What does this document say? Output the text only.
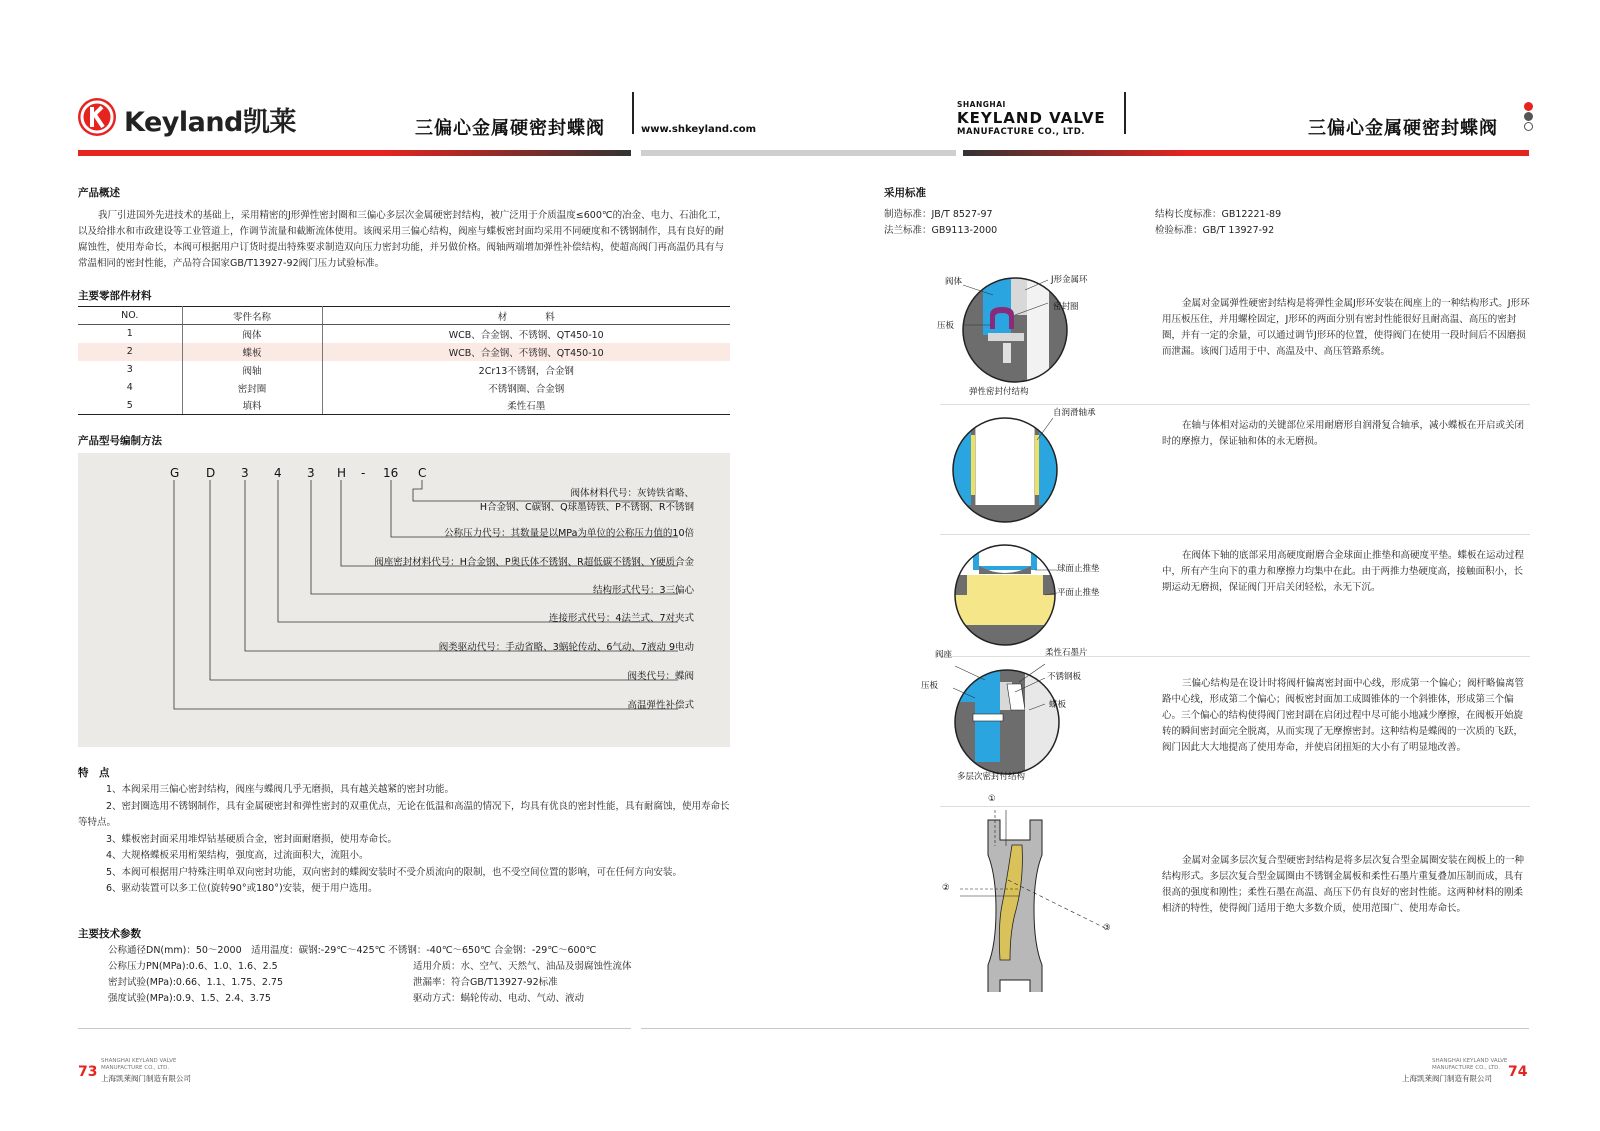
Keyland凯莱	三偏心金属硬密封蝶阀	www.shkeyland.com
SHANGHAI
KEYLAND VALVE
MANUFACTURE CO., LTD.	三偏心金属硬密封蝶阀
产品概述
我厂引进国外先进技术的基础上，采用精密的J形弹性密封圈和三偏心多层次金属硬密封结构，被广泛用于介质温度≤600℃的冶金、电力、石油化工，以及给排水和市政建设等工业管道上，作调节流量和截断流体使用。该阀采用三偏心结构，阀座与蝶板密封面均采用不同硬度和不锈钢制作，具有良好的耐腐蚀性，使用寿命长，本阀可根据用户订货时提出特殊要求制造双向压力密封功能，并另做价格。阀轴两端增加弹性补偿结构，使超高阀门再高温仍具有与常温相同的密封性能，产品符合国家GB/T13927-92阀门压力试验标准。
主要零部件材料
NO.	零件名称	材　　　　料
1	阀体	WCB、合金钢、不锈钢、QT450-10
2	蝶板	WCB、合金钢、不锈钢、QT450-10
3	阀轴	2Cr13不锈钢，合金钢
4	密封圈	不锈钢圈、合金钢
5	填料	柔性石墨
产品型号编制方法
G D 3 4 3 H - 16 C
阀体材料代号：灰铸铁省略、
H合金钢、C碳钢、Q球墨铸铁、P不锈钢、R不锈钢
公称压力代号：其数量是以MPa为单位的公称压力值的10倍
阀座密封材料代号：H合金钢、P奥氏体不锈钢、R超低碳不锈钢、Y硬质合金
结构形式代号：3三偏心
连接形式代号：4法兰式、7对夹式
阀类驱动代号：手动省略、3蜗轮传动、6气动、7液动 9电动
阀类代号：蝶阀
高温弹性补偿式
特　点
1、本阀采用三偏心密封结构，阀座与蝶阀几乎无磨损，具有越关越紧的密封功能。
2、密封圈选用不锈钢制作，具有金属硬密封和弹性密封的双重优点，无论在低温和高温的情况下，均具有优良的密封性能，具有耐腐蚀，使用寿命长等特点。
3、蝶板密封面采用堆焊钴基硬质合金，密封面耐磨损，使用寿命长。
4、大规格蝶板采用桁架结构，强度高，过流面积大，流阻小。
5、本阀可根据用户特殊注明单双向密封功能，双向密封的蝶阀安装时不受介质流向的限制，也不受空间位置的影响，可在任何方向安装。
6、驱动装置可以多工位(旋转90°或180°)安装，便于用户选用。
主要技术参数
公称通径DN(mm)：50～2000　适用温度：碳钢:-29℃～425℃ 不锈钢：-40℃～650℃ 合金钢：-29℃～600℃
公称压力PN(MPa):0.6、1.0、1.6、2.5
密封试验(MPa):0.66、1.1、1.75、2.75
强度试验(MPa):0.9、1.5、2.4、3.75
适用介质：水、空气、天然气、油品及弱腐蚀性流体
泄漏率：符合GB/T13927-92标准
驱动方式：蜗轮传动、电动、气动、液动
采用标准
制造标准：JB/T 8527-97
法兰标准：GB9113-2000
结构长度标准：GB12221-89
检验标准：GB/T 13927-92
阀体	J形金属环
密封圈
压板
弹性密封付结构
金属对金属弹性硬密封结构是将弹性金属J形环安装在阀座上的一种结构形式。J形环用压板压住，并用螺栓固定，J形环的两面分别有密封性能很好且耐高温、高压的密封圈，并有一定的余量，可以通过调节J形环的位置，使得阀门在使用一段时间后不因磨损而泄漏。该阀门适用于中、高温及中、高压管路系统。
自润滑轴承
在轴与体相对运动的关键部位采用耐磨形自润滑复合轴承，减小蝶板在开启或关闭时的摩擦力，保证轴和体的永无磨损。
球面止推垫
平面止推垫
在阀体下轴的底部采用高硬度耐磨合金球面止推垫和高硬度平垫。蝶板在运动过程中，所有产生向下的重力和摩擦力均集中在此。由于两推力垫硬度高，接触面积小，长期运动无磨损，保证阀门开启关闭轻松，永无下沉。
阀座	柔性石墨片
不锈钢板
压板
蝶板
多层次密封付结构
三偏心结构是在设计时将阀杆偏离密封面中心线，形成第一个偏心；阀杆略偏离管路中心线，形成第二个偏心；阀板密封面加工成圆锥体的一个斜锥体，形成第三个偏心。三个偏心的结构使得阀门密封副在启闭过程中尽可能小地减少摩擦，在阀板开始旋转的瞬间密封面完全脱离，从而实现了无摩擦密封。这种结构是蝶阀的一次质的飞跃，阀门因此大大地提高了使用寿命，并使启闭扭矩的大小有了明显地改善。
①
②
③
金属对金属多层次复合型硬密封结构是将多层次复合型金属圈安装在阀板上的一种结构形式。多层次复合型金属圈由不锈钢金属板和柔性石墨片重复叠加压制而成，具有很高的强度和刚性；柔性石墨在高温、高压下仍有良好的密封性能。这两种材料的刚柔相济的特性，使得阀门适用于绝大多数介质，使用范围广、使用寿命长。
73
SHANGHAI KEYLAND VALVE
MANUFACTURE CO., LTD.
上海凯莱阀门制造有限公司
SHANGHAI KEYLAND VALVE
MANUFACTURE CO., LTD.
上海凯莱阀门制造有限公司 74
